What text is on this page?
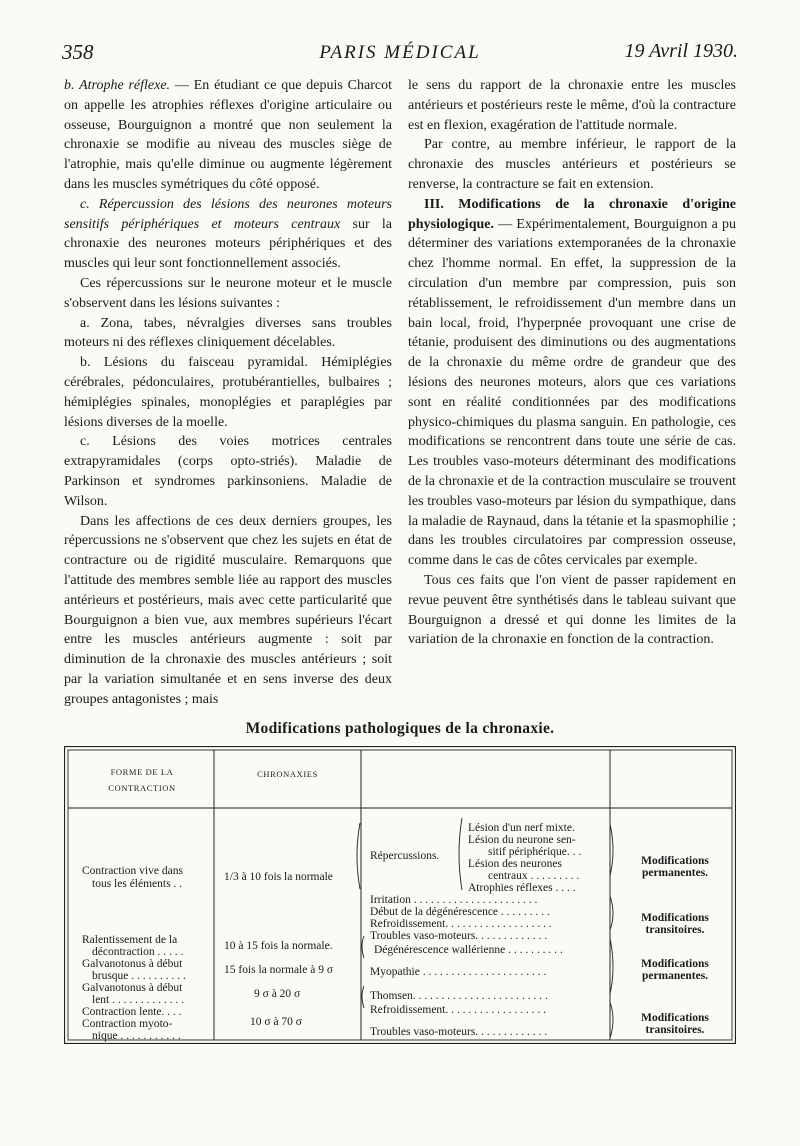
358	PARIS MÉDICAL	19 Avril 1930.

b. Atrophe réflexe. — En étudiant ce que depuis Charcot on appelle les atrophies réflexes d'origine articulaire ou osseuse, Bourguignon a montré que non seulement la chronaxie se modifie au niveau des muscles siège de l'atrophie, mais qu'elle diminue ou augmente légèrement dans les muscles symétriques du côté opposé.

c. Répercussion des lésions des neurones moteurs sensitifs périphériques et moteurs centraux sur la chronaxie des neurones moteurs périphériques et des muscles qui leur sont fonctionnellement associés.

Ces répercussions sur le neurone moteur et le muscle s'observent dans les lésions suivantes :

a. Zona, tabes, névralgies diverses sans troubles moteurs ni des réflexes cliniquement décelables.

b. Lésions du faisceau pyramidal. Hémiplégies cérébrales, pédonculaires, protubérantielles, bulbaires ; hémiplégies spinales, monoplégies et paraplégies par lésions diverses de la moelle.

c. Lésions des voies motrices centrales extrapyramidales (corps opto-striés). Maladie de Parkinson et syndromes parkinsoniens. Maladie de Wilson.

Dans les affections de ces deux derniers groupes, les répercussions ne s'observent que chez les sujets en état de contracture ou de rigidité musculaire. Remarquons que l'attitude des membres semble liée au rapport des muscles antérieurs et postérieurs, mais avec cette particularité que Bourguignon a bien vue, aux membres supérieurs l'écart entre les muscles antérieurs augmente : soit par diminution de la chronaxie des muscles antérieurs ; soit par la variation simultanée et en sens inverse des deux groupes antagonistes ; mais

le sens du rapport de la chronaxie entre les muscles antérieurs et postérieurs reste le même, d'où la contracture est en flexion, exagération de l'attitude normale.

Par contre, au membre inférieur, le rapport de la chronaxie des muscles antérieurs et postérieurs se renverse, la contracture se fait en extension.

III. Modifications de la chronaxie d'origine physiologique. — Expérimentalement, Bourguignon a pu déterminer des variations extemporanées de la chronaxie chez l'homme normal. En effet, la suppression de la circulation d'un membre par compression, puis son rétablissement, le refroidissement d'un membre dans un bain local, froid, l'hyperpnée provoquant une crise de tétanie, produisent des diminutions ou des augmentations de la chronaxie du même ordre de grandeur que des lésions des neurones moteurs, alors que ces variations sont en réalité conditionnées par des modifications physico-chimiques du plasma sanguin. En pathologie, ces modifications se rencontrent dans toute une série de cas. Les troubles vaso-moteurs déterminant des modifications de la chronaxie et de la contraction musculaire se trouvent les troubles vaso-moteurs par lésion du sympathique, dans la maladie de Raynaud, dans la tétanie et la spasmophilie ; dans les troubles circulatoires par compression osseuse, comme dans le cas de côtes cervicales par exemple.

Tous ces faits que l'on vient de passer rapidement en revue peuvent être synthétisés dans le tableau suivant que Bourguignon a dressé et qui donne les limites de la variation de la chronaxie en fonction de la contraction.

Modifications pathologiques de la chronaxie.
FORME DE LA
CONTRACTION
CHRONAXIES
Contraction vive dans
tous les éléments . .
Ralentissement de la
décontraction . . . . .
Galvanotonus à début
brusque . . . . . . . . . .
Galvanotonus à début
lent . . . . . . . . . . . . .
Contraction lente. . . .
Contraction myoto-
nique . . . . . . . . . . .
1/3 à 10 fois la normale
10 à 15 fois la normale.
15 fois la normale à 9 σ
9 σ à 20 σ
10 σ à 70 σ
Répercussions.
Lésion d'un nerf mixte.
Lésion du neurone sen-
sitif périphérique. . .
Lésion des neurones
centraux . . . . . . . . .
Atrophies réflexes . . . .
Irritation . . . . . . . . . . . . . . . . . . . . . .
Début de la dégénérescence . . . . . . . . .
Refroidissement. . . . . . . . . . . . . . . . . . .
Troubles vaso-moteurs. . . . . . . . . . . . .
Dégénérescence wallérienne . . . . . . . . . .
Myopathie . . . . . . . . . . . . . . . . . . . . . .
Thomsen. . . . . . . . . . . . . . . . . . . . . . . .
Refroidissement. . . . . . . . . . . . . . . . . .
Troubles vaso-moteurs. . . . . . . . . . . . .
Modifications
permanentes.
Modifications
transitoires.
Modifications
permanentes.
Modifications
transitoires.
